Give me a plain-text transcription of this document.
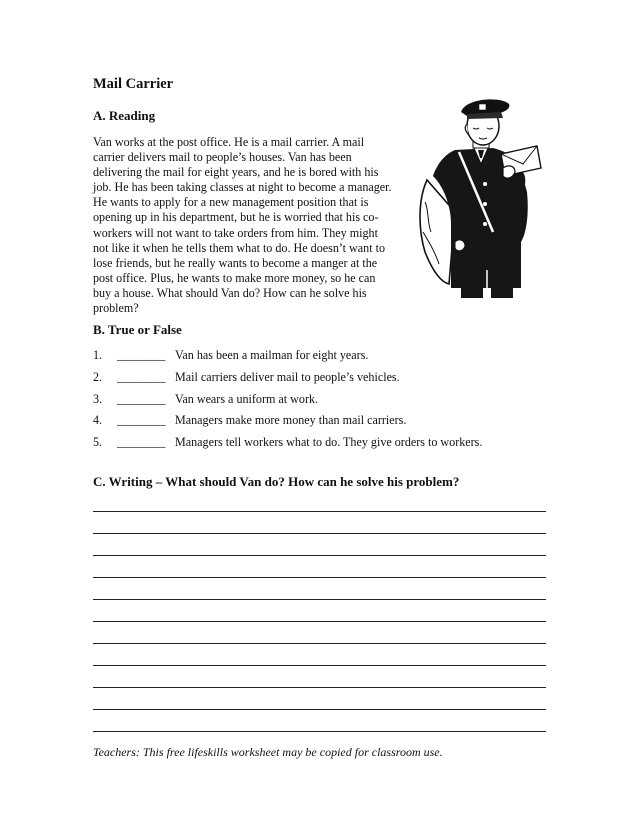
Mail Carrier
A. Reading
Van works at the post office. He is a mail carrier. A mail
carrier delivers mail to people’s houses. Van has been
delivering the mail for eight years, and he is bored with his
job. He has been taking classes at night to become a manager.
He wants to apply for a new management position that is
opening up in his department, but he is worried that his co-
workers will not want to take orders from him. They might
not like it when he tells them what to do. He doesn’t want to
lose friends, but he really wants to become a manger at the
post office. Plus, he wants to make more money, so he can
buy a house. What should Van do? How can he solve his
problem?
B. True or False
1. ________ Van has been a mailman for eight years.
2. ________ Mail carriers deliver mail to people’s vehicles.
3. ________ Van wears a uniform at work.
4. ________ Managers make more money than mail carriers.
5. ________ Managers tell workers what to do. They give orders to workers.
C. Writing – What should Van do? How can he solve his problem?
Teachers: This free lifeskills worksheet may be copied for classroom use.
